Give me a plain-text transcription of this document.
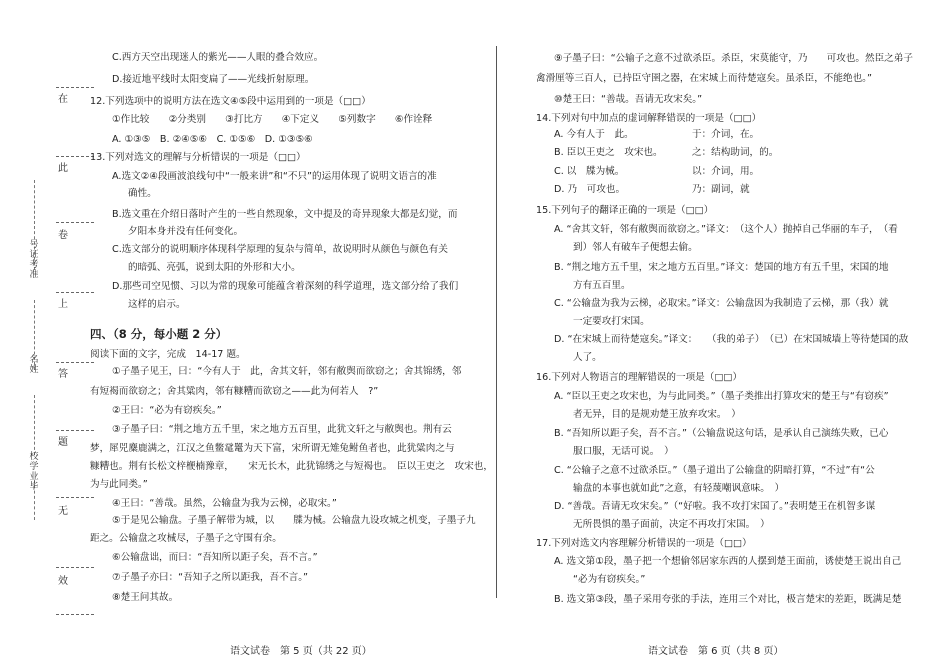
号证考准
名姓
校学业毕
在
此
卷
上
答
题
无
效
C.西方天空出现迷人的紫光——人眼的叠合效应。
D.接近地平线时太阳变扁了——光线折射原理。
12.下列选项中的说明方法在选文④⑤段中运用到的一项是（□□）
①作比较　　②分类别　　③打比方　　④下定义　　⑤列数字　　⑥作诠释
A. ①③⑤　B. ②④⑤⑥　C. ①⑤⑥　D. ①③⑤⑥
13.下列对选文的理解与分析错误的一项是（□□）
A.选文②④段画波浪线句中“一般来讲”和“不只”的运用体现了说明文语言的准
确性。
B.选文重在介绍日落时产生的一些自然现象，文中提及的奇异现象大都是幻觉，而
夕阳本身并没有任何变化。
C.选文部分的说明顺序体现科学原理的复杂与简单，故说明时从颜色与颜色有关
的暗弧、亮弧，说到太阳的外形和大小。
D.那些司空见惯、习以为常的现象可能蕴含着深刻的科学道理，选文部分给了我们
这样的启示。
四、（8 分，每小题 2 分）
阅读下面的文字，完成　14-17 题。
①子墨子见王，曰：“今有人于　此，舍其文轩，邻有敝舆而欲窃之；舍其锦绣，邻
有短褐而欲窃之；舍其粱肉，邻有糠糟而欲窃之——此为何若人　?”
②王曰：“必为有窃疾矣。”
③子墨子曰：“荆之地方五千里，宋之地方五百里，此犹文轩之与敝舆也。荆有云
梦，犀兕麋鹿满之，江汉之鱼鳖鼋鼍为天下富，宋所谓无雉兔鲋鱼者也，此犹粱肉之与
糠糟也。荆有长松文梓楩楠豫章，　　宋无长木，此犹锦绣之与短褐也。　臣以王吏之　攻宋也，
为与此同类。”
④王曰：“善哉。虽然，公输盘为我为云梯，必取宋。”
⑤于是见公输盘。子墨子解带为城，以　　牒为械。公输盘九设攻城之机变，子墨子九
距之。公输盘之攻械尽，子墨子之守围有余。
⑥公输盘诎，而曰：“吾知所以距子矣，吾不言。”
⑦子墨子亦曰：“吾知子之所以距我，吾不言。”
⑧楚王问其故。
⑨子墨子曰：“公输子之意不过欲杀臣。杀臣，宋莫能守，乃　　可攻也。然臣之弟子
禽滑厘等三百人，已持臣守圉之器，在宋城上而待楚寇矣。虽杀臣，不能绝也。”
⑩楚王曰：“善哉。吾请无攻宋矣。”
14.下列对句中加点的虚词解释错误的一项是（□□）
A. 今有人于　此。	于：介词，在。
B. 臣以王吏之　攻宋也。	之：结构助词，的。
C. 以　牒为械。	以：介词，用。
D. 乃　可攻也。	乃：副词，就
15.下列句子的翻译正确的一项是（□□）
A. “舍其文轩，邻有敝舆而欲窃之。”译文：　（这个人）抛掉自己华丽的车子，　（看
到）邻人有破车子便想去偷。
B. “荆之地方五千里，宋之地方五百里。”译文：楚国的地方有五千里，宋国的地
方有五百里。
C. “公输盘为我为云梯，必取宋。”译文：公输盘因为我制造了云梯，那（我）就
一定要攻打宋国。
D. “在宋城上而待楚寇矣。”译文：　　（我的弟子）　（已）在宋国城墙上等待楚国的敌
人了。
16.下列对人物语言的理解错误的一项是（□□）
A. “臣以王吏之攻宋也，为与此同类。”（墨子类推出打算攻宋的楚王与“有窃疾”
者无异，目的是规劝楚王放弃攻宋。　）
B. “吾知所以距子矣，吾不言。”（公输盘说这句话，是承认自己演练失败，已心
服口服，无话可说。　）
C. “公输子之意不过欲杀臣。”（墨子道出了公输盘的阴暗打算，“不过”有“公
输盘的本事也就如此”之意，有轻蔑嘲讽意味。　）
D. “善哉。吾请无攻宋矣。”（“好啦。我不攻打宋国了。”表明楚王在机智多谋
无所畏惧的墨子面前，决定不再攻打宋国。　）
17.下列对选文内容理解分析错误的一项是（□□）
A. 选文第①段，墨子把一个想偷邻居家东西的人摆到楚王面前，诱使楚王说出自己
“必为有窃疾矣。”
B. 选文第③段，墨子采用夸张的手法，连用三个对比，极言楚宋的差距，既满足楚
语文试卷　第 5 页（共 22 页）	语文试卷　第 6 页（共 8 页）
